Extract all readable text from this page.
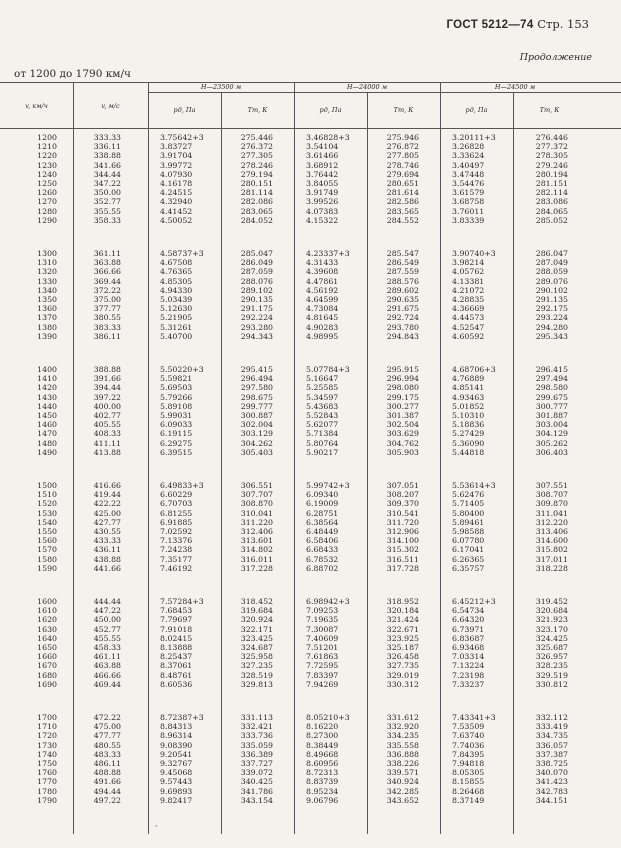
ГОСТ 5212—74 Стр. 153
Продолжение
от 1200 до 1790 км/ч
v, км/ч	v, м/с
H—23500 м	H—24000 м	H—24500 м
pд, Па	Tт, К	pд, Па	Tт, К	pд, Па	Tт, К
1200	333.33	3.75642+3	275.446	3.46828+3	275.946	3.20111+3	276.446
1210	336.11	3.83727	276.372	3.54104	276.872	3.26828	277.372
1220	338.88	3.91704	277.305	3.61466	277.805	3.33624	278.305
1230	341.66	3.99772	278.246	3.68912	278.746	3.40497	279.246
1240	344.44	4.07930	279.194	3.76442	279.694	3.47448	280.194
1250	347.22	4.16178	280.151	3.84055	280.651	3.54476	281.151
1260	350.00	4.24515	281.114	3.91749	281.614	3.61579	282.114
1270	352.77	4.32940	282.086	3.99526	282.586	3.68758	283.086
1280	355.55	4.41452	283.065	4.07383	283.565	3.76011	284.065
1290	358.33	4.50052	284.052	4.15322	284.552	3.83339	285.052
1300	361.11	4.58737+3	285.047	4.23337+3	285.547	3.90740+3	286.047
1310	363.88	4.67508	286.049	4.31433	286.549	3.98214	287.049
1320	366.66	4.76365	287.059	4.39608	287.559	4.05762	288.059
1330	369.44	4.85305	288.076	4.47861	288.576	4.13381	289.076
1340	372.22	4.94330	289.102	4.56192	289.602	4.21072	290.102
1350	375.00	5.03439	290.135	4.64599	290.635	4.28835	291.135
1360	377.77	5.12630	291.175	4.73084	291.675	4.36669	292.175
1370	380.55	5.21905	292.224	4.81645	292.724	4.44573	293.224
1380	383.33	5.31261	293.280	4.90283	293.780	4.52547	294.280
1390	386.11	5.40700	294.343	4.98995	294.843	4.60592	295.343
1400	388.88	5.50220+3	295.415	5.07784+3	295.915	4.68706+3	296.415
1410	391.66	5.59821	296.494	5.16647	296.994	4.76889	297.494
1420	394.44	5.69503	297.580	5.25585	298.080	4.85141	298.580
1430	397.22	5.79266	298.675	5.34597	299.175	4.93463	299.675
1440	400.00	5.89108	299.777	5.43683	300.277	5.01852	300.777
1450	402.77	5.99031	300.887	5.52843	301.387	5.10310	301.887
1460	405.55	6.09033	302.004	5.62077	302.504	5.18836	303.004
1470	408.33	6.19115	303.129	5.71384	303.629	5.27429	304.129
1480	411.11	6.29275	304.262	5.80764	304.762	5.36090	305.262
1490	413.88	6.39515	305.403	5.90217	305.903	5.44818	306.403
1500	416.66	6.49833+3	306.551	5.99742+3	307.051	5.53614+3	307.551
1510	419.44	6.60229	307.707	6.09340	308.207	5.62476	308.707
1520	422.22	6.70703	308.870	6.19009	309.370	5.71405	309.870
1530	425.00	6.81255	310.041	6.28751	310.541	5.80400	311.041
1540	427.77	6.91885	311.220	6.38564	311.720	5.89461	312.220
1550	430.55	7.02592	312.406	6.48449	312.906	5.98588	313.406
1560	433.33	7.13376	313.601	6.58406	314.100	6.07780	314.600
1570	436.11	7.24238	314.802	6.68433	315.302	6.17041	315.802
1580	438.88	7.35177	316.011	6.78532	316.511	6.26365	317.011
1590	441.66	7.46192	317.228	6.88702	317.728	6.35757	318.228
1600	444.44	7.57284+3	318.452	6.98942+3	318.952	6.45212+3	319.452
1610	447.22	7.68453	319.684	7.09253	320.184	6.54734	320.684
1620	450.00	7.79697	320.924	7.19635	321.424	6.64320	321.923
1630	452.77	7.91018	322.171	7.30087	322.671	6.73971	323.170
1640	455.55	8.02415	323.425	7.40609	323.925	6.83687	324.425
1650	458.33	8.13888	324.687	7.51201	325.187	6.93468	325.687
1660	461.11	8.25437	325.958	7.61863	326.458	7.03314	326.957
1670	463.88	8.37061	327.235	7.72595	327.735	7.13224	328.235
1680	466.66	8.48761	328.519	7.83397	329.019	7.23198	329.519
1690	469.44	8.60536	329.813	7.94269	330.312	7.33237	330.812
1700	472.22	8.72387+3	331.113	8.05210+3	331.612	7.43341+3	332.112
1710	475.00	8.84313	332.421	8.16220	332.920	7.53509	333.419
1720	477.77	8.96314	333.736	8.27300	334.235	7.63740	334.735
1730	480.55	9.08390	335.059	8.38449	335.558	7.74036	336.057
1740	483.33	9.20541	336.389	8.49668	336.888	7.84395	337.387
1750	486.11	9.32767	337.727	8.60956	338.226	7.94818	338.725
1760	488.88	9.45068	339.072	8.72313	339.571	8.05305	340.070
1770	491.66	9.57443	340.425	8.83739	340.924	8.15855	341.423
1780	494.44	9.69893	341.786	8.95234	342.285	8.26468	342.783
1790	497.22	9.82417	343.154	9.06796	343.652	8.37149	344.151
·
